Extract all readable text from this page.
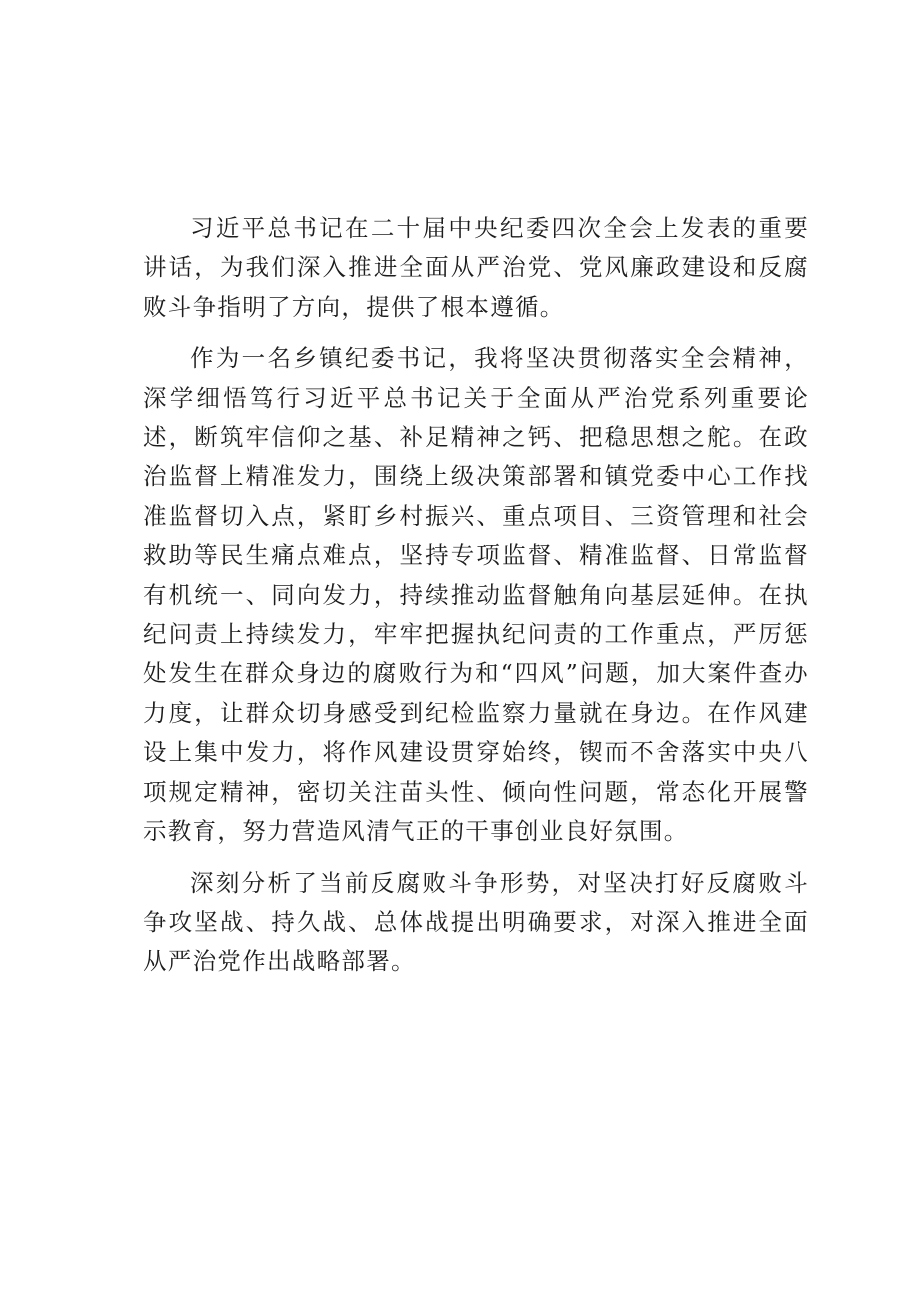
习近平总书记在二十届中央纪委四次全会上发表的重要讲话，为我们深入推进全面从严治党、党风廉政建设和反腐败斗争指明了方向，提供了根本遵循。

作为一名乡镇纪委书记，我将坚决贯彻落实全会精神，深学细悟笃行习近平总书记关于全面从严治党系列重要论述，断筑牢信仰之基、补足精神之钙、把稳思想之舵。在政治监督上精准发力，围绕上级决策部署和镇党委中心工作找准监督切入点，紧盯乡村振兴、重点项目、三资管理和社会救助等民生痛点难点，坚持专项监督、精准监督、日常监督有机统一、同向发力，持续推动监督触角向基层延伸。在执纪问责上持续发力，牢牢把握执纪问责的工作重点，严厉惩处发生在群众身边的腐败行为和“四风”问题，加大案件查办力度，让群众切身感受到纪检监察力量就在身边。在作风建设上集中发力，将作风建设贯穿始终，锲而不舍落实中央八项规定精神，密切关注苗头性、倾向性问题，常态化开展警示教育，努力营造风清气正的干事创业良好氛围。

深刻分析了当前反腐败斗争形势，对坚决打好反腐败斗争攻坚战、持久战、总体战提出明确要求，对深入推进全面从严治党作出战略部署。
